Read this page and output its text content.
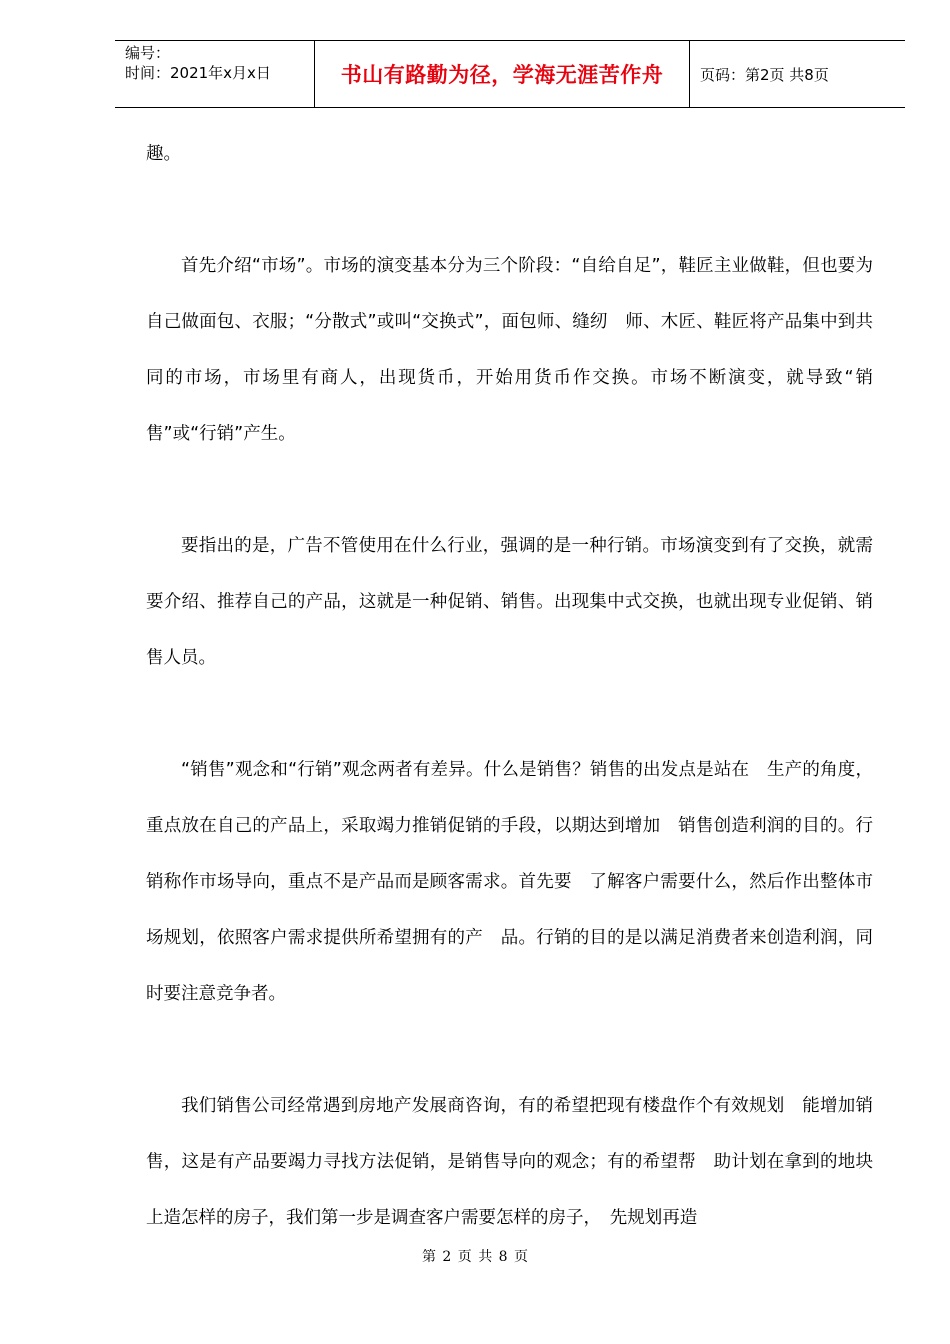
编号：
时间：2021年x月x日	书山有路勤为径，学海无涯苦作舟	页码：第2页 共8页

趣。

首先介绍“市场”。市场的演变基本分为三个阶段：“自给自足”，鞋匠主业做鞋，但也要为自己做面包、衣服；“分散式”或叫“交换式”，面包师、缝纫　师、木匠、鞋匠将产品集中到共同的市场，市场里有商人，出现货币，开始用货币作交换。市场不断演变，就导致“销售”或“行销”产生。

要指出的是，广告不管使用在什么行业，强调的是一种行销。市场演变到有了交换，就需要介绍、推荐自己的产品，这就是一种促销、销售。出现集中式交换，也就出现专业促销、销售人员。

“销售”观念和“行销”观念两者有差异。什么是销售？销售的出发点是站在　生产的角度，重点放在自己的产品上，采取竭力推销促销的手段，以期达到增加　销售创造利润的目的。行销称作市场导向，重点不是产品而是顾客需求。首先要　了解客户需要什么，然后作出整体市场规划，依照客户需求提供所希望拥有的产　品。行销的目的是以满足消费者来创造利润，同时要注意竞争者。

我们销售公司经常遇到房地产发展商咨询，有的希望把现有楼盘作个有效规划　能增加销售，这是有产品要竭力寻找方法促销，是销售导向的观念；有的希望帮　助计划在拿到的地块上造怎样的房子，我们第一步是调查客户需要怎样的房子，　先规划再造

第 2 页 共 8 页
